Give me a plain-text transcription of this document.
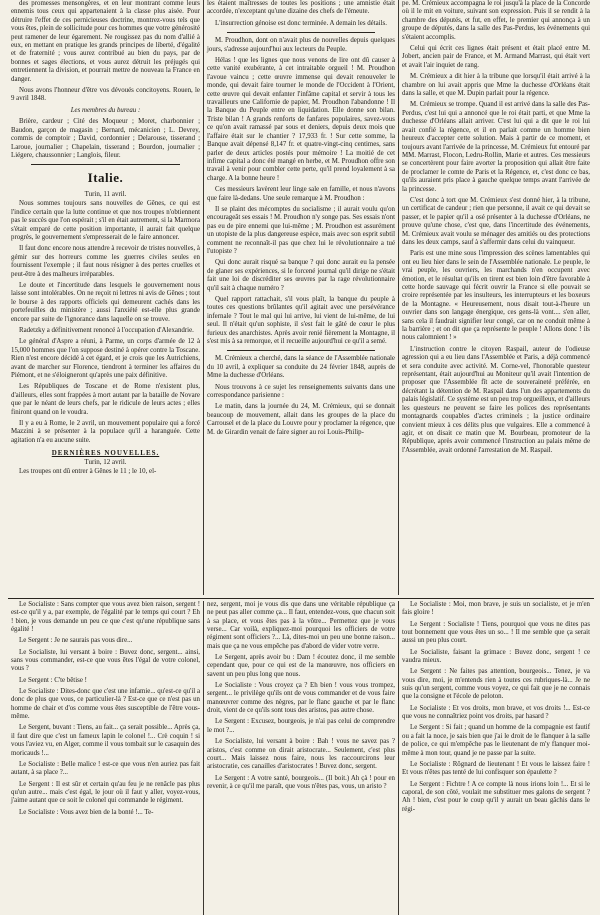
des promesses mensongères, et en leur montrant comme leurs ennemis tous ceux qui appartenaient à la classe plus aisée. Pour détruire l'effet de ces pernicieuses doctrine, montrez-vous tels que vous êtes, plein de sollicitude pour ces hommes que votre générosité peut ramener de leur égarement. Ne rougissez pas du nom d'allié à eux, en mettant en pratique les grands principes de liberté, d'égalité et de fraternité ; vous aurez contribué au bien du pays, par de bonnes et sages élections, et vous aurez détruit les préjugés qui entretiennent la division, et pourrait mettre de nouveau la France en danger.

Nous avons l'honneur d'être vos dévoués concitoyens. Rouen, le 9 avril 1848.

Les membres du bureau :

Brière, cardeur ; Cité des Moqueur ; Moret, charbonnier ; Baudon, garçon de magasin ; Bernard, mécanicien ; L. Devrey, commis de comptoir ; David, cordonnier ; Delarouse, tisserand ; Laroue, journalier ; Chapelain, tisserand ; Bourdon, journalier ; Liégere, chaussonnier ; Langlois, fileur.

Italie.
Turin, 11 avril.

Nous sommes toujours sans nouvelles de Gênes, ce qui est l'indice certain que la lutte continue et que nos troupes n'obtiennent pas le succès que l'on espérait ; s'il en était autrement, si la Marmora s'était emparé de cette position importante, il aurait fait quelque progrès, le gouvernement s'empresserait de le faire annoncer.

Il faut donc encore nous attendre à recevoir de tristes nouvelles, à gémir sur des horreurs comme les guerres civiles seules en fournissent l'exemple ; il faut nous résigner à des pertes cruelles et peut-être à des malheurs irréparables.

Le doute et l'incertitude dans lesquels le gouvernement nous laisse sont intolérables. On ne reçoit ni lettres ni avis de Gênes ; tout le bourse à des rapports officiels qui demeurent cachés dans les portefeuilles du ministère ; aussi l'anxiété est-elle plus grande encore par suite de l'ignorance dans laquelle on se trouve.

Radetzky a définitivement renoncé à l'occupation d'Alexandrie.

Le général d'Aspre a réuni, à Parme, un corps d'armée de 12 à 15,000 hommes que l'on suppose destiné à opérer contre la Toscane. Rien n'est encore décidé à cet égard, et je crois que les Autrichiens, avant de marcher sur Florence, tiendront à terminer les affaires du Piémont, et ne s'éloigneront qu'après une paix définitive.

Les Républiques de Toscane et de Rome n'existent plus, d'ailleurs, elles sont frappées à mort autant par la bataille de Novare que par le néant de leurs chefs, par le ridicule de leurs actes ; elles finiront quand on le voudra.

Il y a eu à Rome, le 2 avril, un mouvement populaire qui a forcé Mazzini à se présenter à la populace qu'il a haranguée. Cette agitation n'a eu aucune suite.

DERNIÈRES NOUVELLES.
Turin, 12 avril.

Les troupes ont dû entrer à Gênes le 11 ; le 10, el-

les étaient maîtresses de toutes les positions ; une amnistie était accordée, n'exceptant qu'une dizaine des chefs de l'émeute.

L'insurrection génoise est donc terminée. A demain les détails.

M. Proudhon, dont on n'avait plus de nouvelles depuis quelques jours, s'adresse aujourd'hui aux lecteurs du Peuple.

Hélas ! que les lignes que nous venons de lire ont dû causer à cette vanité exubérante, à cet intraitable orgueil ! M. Proudhon l'avoue vaincu ; cette œuvre immense qui devait renouveler le monde, qui devait faire tourner le monde de l'Occident à l'Orient, cette œuvre qui devait enfanter l'infâme capital et servir à tous les travailleurs une Californie de papier, M. Proudhon l'abandonne ! Il la Banque du Peuple entre en liquidation. Elle donne son bilan. Triste bilan ! A grands renforts de fanfares populaires, savez-vous ce qu'on avait ramassé par sous et deniers, depuis deux mois que l'affaire était sur le chantier ? 17,933 fr. ! Sur cette somme, la Banque avait dépensé 8,147 fr. et quatre-vingt-cinq centimes, sans parler de deux articles postés pour mémoire ! La moitié de cet infime capital a donc été mangé en herbe, et M. Proudhon offre son travail à venir pour combler cette perte, qu'il prend loyalement à sa charge. A la bonne heure !

Ces messieurs lavèrent leur linge sale en famille, et nous n'avons que faire là-dedans. Une seule remarque à M. Proudhon :

Il se plaint des mécomptes du socialisme ; il aurait voulu qu'on encourageât ses essais ! M. Proudhon n'y songe pas. Ses essais n'ont pas eu de pire ennemi que lui-même ; M. Proudhon est assurément un utopiste de la plus dangereuse espèce, mais avec son esprit subtil comment ne reconnaît-il pas que chez lui le révolutionnaire a tué l'utopiste ?

Qui donc aurait risqué sa banque ? qui donc aurait eu la pensée de glaner ses expériences, si le forcené journal qu'il dirige ne s'était fait une loi de discréditer ses œuvres par la rage révolutionnaire qu'il sait à chaque numéro ?

Quel rapport rattachait, s'il vous plaît, la banque du peuple à toutes ces questions brûlantes qu'il agitait avec une persévérance infernale ? Tout le mal qui lui arrive, lui vient de lui-même, de lui seul. Il n'était qu'un sophiste, il s'est fait le gâté de cœur le plus furieux des anarchistes. Après avoir renié fièrement la Montagne, il s'est mis à sa remorque, et il recueille aujourd'hui ce qu'il a semé.

M. Crémieux a cherché, dans la séance de l'Assemblée nationale du 10 avril, à expliquer sa conduite du 24 février 1848, auprès de Mme la duchesse d'Orléans.

Nous trouvons à ce sujet les renseignements suivants dans une correspondance parisienne :

Le matin, dans la journée du 24, M. Crémieux, qui se donnait beaucoup de mouvement, allait dans les groupes de la place du Carrousel et de la place du Louvre pour y proclamer la régence, que M. de Girardin venait de faire signer au roi Louis-Philip-

pe. M. Crémieux accompagna le roi jusqu'à la place de la Concorde où il le mit en voiture, suivant son expression. Puis il se rendit à la chambre des députés, et fut, en effet, le premier qui annonça à un groupe de députés, dans la salle des Pas-Perdus, les événements qui s'étaient accomplis.

Celui qui écrit ces lignes était présent et était placé entre M. Jobert, ancien pair de France, et M. Armand Marrast, qui était vert et avait l'air inquiet de rang.

M. Crémieux a dit hier à la tribune que lorsqu'il était arrivé à la chambre on lui avait appris que Mme la duchesse d'Orléans était dans la salle, et que M. Dupin parlait pour la régence.

M. Crémieux se trompe. Quand il est arrivé dans la salle des Pas-Perdus, c'est lui qui a annoncé que le roi était parti, et que Mme la duchesse d'Orléans allait arriver. C'est lui qui a dit que le roi lui avait confié la régence, et il en parlait comme un homme bien heureux d'accepter cette solution. Mais à partir de ce moment, et toujours avant l'arrivée de la princesse, M. Crémieux fut entouré par MM. Marrast, Flocon, Ledru-Rollin, Marie et autres. Ces messieurs se concertèrent pour faire avorter la proposition qui allait être faite de proclamer le comte de Paris et la Régence, et, c'est donc ce bas, qu'ils auraient pris place à gauche quelque temps avant l'arrivée de la princesse.

C'est donc à tort que M. Crémieux s'est donné hier, à la tribune, un certificat de candeur ; rien que personne, il avait ce qui devait se passer, et le papier qu'il a osé présenter à la duchesse d'Orléans, ne prouve qu'une chose, c'est que, dans l'incertitude des événements, M. Crémieux avait voulu se ménager des amitiés ou des protections dans les deux camps, sauf à s'affermir dans celui du vainqueur.

Paris est une mine sous l'impression des scènes lamentables qui ont eu lieu hier dans le sein de l'Assemblée nationale. Le peuple, le vrai peuple, les ouvriers, les marchands n'en occupent avec émotion, et le résultat qu'ils en tirent est bien loin d'être favorable à cette horde sauvage qui fécrit ouvrir la France si elle pouvait se croire représentée par les insulteurs, les interrupteurs et les boxeurs de la Montagne. « Heureusement, nous disait tout-à-l'heure un ouvrier dans son langage énergique, ces gens-là vont.... s'en aller, sans cela il faudrait signifier leur congé, car on ne conduit même à la barrière ; et on dit que ça représente le peuple ! Allons donc ! ils nous calomnient ! »

L'instruction contre le citoyen Raspail, auteur de l'odieuse agression qui a eu lieu dans l'Assemblée et Paris, a déjà commencé et sera conduite avec activité. M. Corne-vel, l'honorable questeur représentant, était aujourd'hui au Moniteur qu'il avait l'intention de proposer que l'Assemblée fît acte de souveraineté préférée, en décrétant la détention de M. Raspail dans l'un des appartements du palais législatif. Ce système est un peu trop orgueilleux, et d'ailleurs les questeurs ne peuvent se faire les polices des représentants montagnards coupables d'actes criminels ; la justice ordinaire convient mieux à ces délits plus que vulgaires. Elle a commencé à agir, et on disait ce matin que M. Bourbeau, promoteur de la République, après avoir commencé l'instruction au palais même de l'Assemblée, avait ordonné l'arrestation de M. Raspail.

Le Socialiste : Sans compter que vous avez bien raison, sergent ! est-ce qu'il y a, par exemple, de l'égalité par le temps qui court ? Eh ! bien, je vous demande un peu ce que c'est qu'une république sans égalité !

Le Sergent : Je ne saurais pas vous dire...

Le Socialiste, lui versant à boire : Buvez donc, sergent... ainsi, sans vous commander, est-ce que vous êtes l'égal de votre colonel, vous ?

Le Sergent : C'te bêtise !

Le Socialiste : Dites-donc que c'est une infamie... qu'est-ce qu'il a donc de plus que vous, ce particulier-là ? Est-ce que ce n'est pas un homme de chair et d'os comme vous êtes susceptible de l'être vous-même.

Le Sergent, buvant : Tiens, au fait... ça serait possible... Après ça, il faut dire que c'est un fameux lapin le colonel !... Crè coquin ! si vous l'aviez vu, en Alger, comme il vous tombait sur le casaquin des moricauds !...

Le Socialiste : Belle malice ! est-ce que vous n'en auriez pas fait autant, à sa place ?...

Le Sergent : Il est sûr et certain qu'au feu je ne renâcle pas plus qu'un autre... mais c'est égal, le jour où il faut y aller, voyez-vous, j'aime autant que ce soit le colonel qui commande le régiment.

Le Socialiste : Vous avez bien de la bonté !... Te-

nez, sergent, moi je vous dis que dans une véritable république ça ne peut pas aller comme ça... Il faut, entendez-vous, que chacun soit à sa place, et vous êtes pas à la vôtre... Permettez que je vous verse... Car voilà, expliquez-moi pourquoi les officiers de votre régiment sont officiers ?... Là, dites-moi un peu une bonne raison... mais que ça ne vous empêche pas d'abord de vider votre verre.

Le Sergent, après avoir bu : Dam ! écoutez donc, il me semble cependant que, pour ce qui est de la manœuvre, nos officiers en savent un peu plus long que nous.

Le Socialiste : Vous croyez ça ? Eh bien ! vous vous trompez, sergent... le privilège qu'ils ont de vous commander et de vous faire manœuvrer comme des nègres, par le flanc gauche et par le flanc droit, vient de ce qu'ils sont tous des aristos, pas autre chose.

Le Sergent : Excusez, bourgeois, je n'ai pas celui de comprendre le mot ?...

Le Socialiste, lui versant à boire : Bah ! vous ne savez pas ? aristos, c'est comme on dirait aristocrate... Seulement, c'est plus court... Mais laissez nous faire, nous les raccourcirons leur aristocratie, ces canailles d'aristocrates ! Buvez donc, sergent.

Le Sergent : A votre santé, bourgeois... (Il boit.) Ah çà ! pour en revenir, à ce qu'il me paraît, que vous n'êtes pas, vous, un aristo ?

Le Socialiste : Moi, mon brave, je suis un socialiste, et je m'en fais gloire !

Le Sergent : Socialiste ! Tiens, pourquoi que vous ne dites pas tout bonnement que vous êtes un so... ! Il me semble que ça serait aussi un peu plus court.

Le Socialiste, faisant la grimace : Buvez donc, sergent ! ce vaudra mieux.

Le Sergent : Ne faites pas attention, bourgeois... Tenez, je va vous dire, moi, je m'entends rien à toutes ces rubriques-là... Je ne suis qu'un sergent, comme vous voyez, ce qui fait que je ne connais que la consigne et l'école de peloton.

Le Socialiste : Et vos droits, mon brave, et vos droits !... Est-ce que vous ne connaîtriez point vos droits, par hasard ?

Le Sergent : Si fait ; quand un homme de la compagnie est fautif ou a fait la noce, je sais bien que j'ai le droit de le flanquer à la salle de police, ce qui m'empêche pas le lieutenant de m'y flanquer moi-même à mon tour, quand je ne passe par la suite.

Le Socialiste : Rôgnard de lieutenant ! Et vous le laissez faire ! Et vous n'êtes pas tenté de lui confisquer son épaulette ?

Le Sergent : Fichtre ! A ce compte là nous irions loin !... Et si le caporal, de son côté, voulait me substituer mes galons de sergent ? Ah ! bien, c'est pour le coup qu'il y aurait un beau gâchis dans le régi-
